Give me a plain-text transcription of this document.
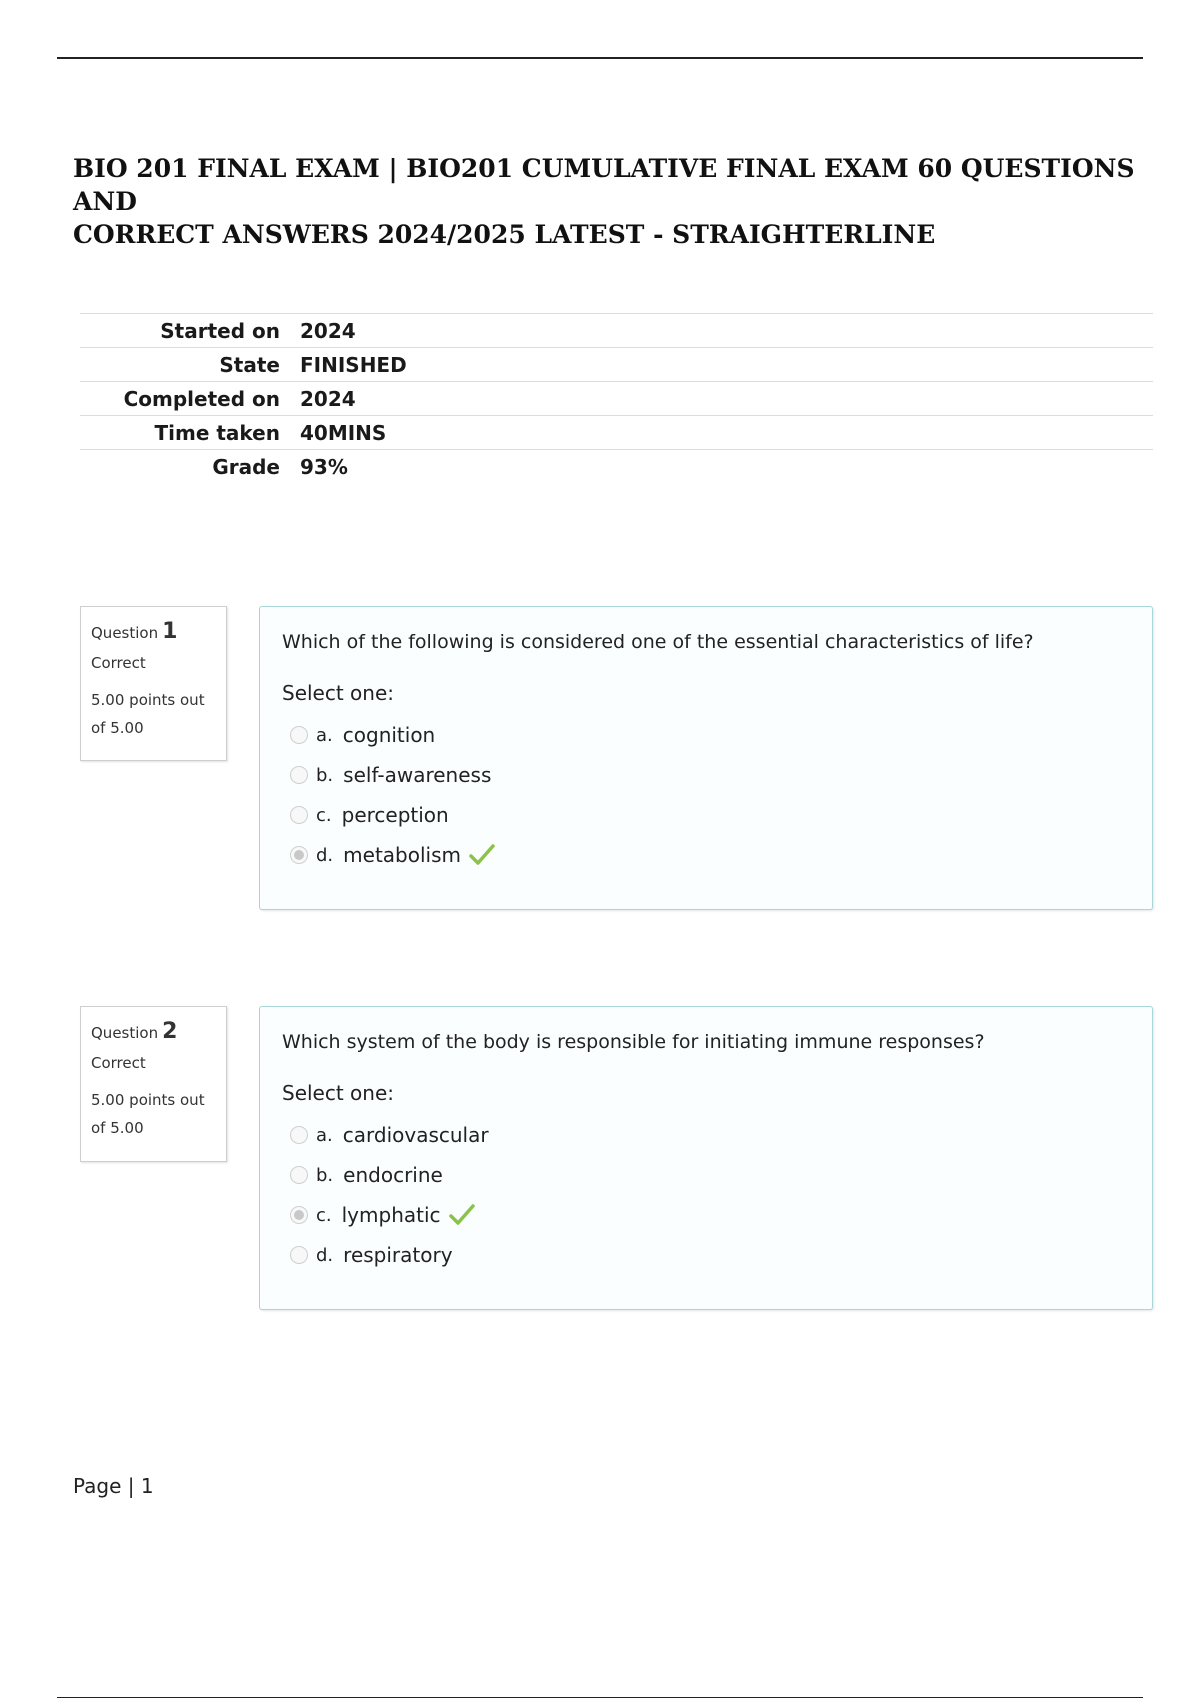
BIO 201 FINAL EXAM | BIO201 CUMULATIVE FINAL EXAM 60 QUESTIONS AND
CORRECT ANSWERS 2024/2025 LATEST - STRAIGHTERLINE
Started on	2024
State	FINISHED
Completed on	2024
Time taken	40MINS
Grade	93%
Question 1
Correct
5.00 points out
of 5.00
Which of the following is considered one of the essential characteristics of life?
Select one:
a. cognition
b. self-awareness
c. perception
d. metabolism
Question 2
Correct
5.00 points out
of 5.00
Which system of the body is responsible for initiating immune responses?
Select one:
a. cardiovascular
b. endocrine
c. lymphatic
d. respiratory
Page | 1
